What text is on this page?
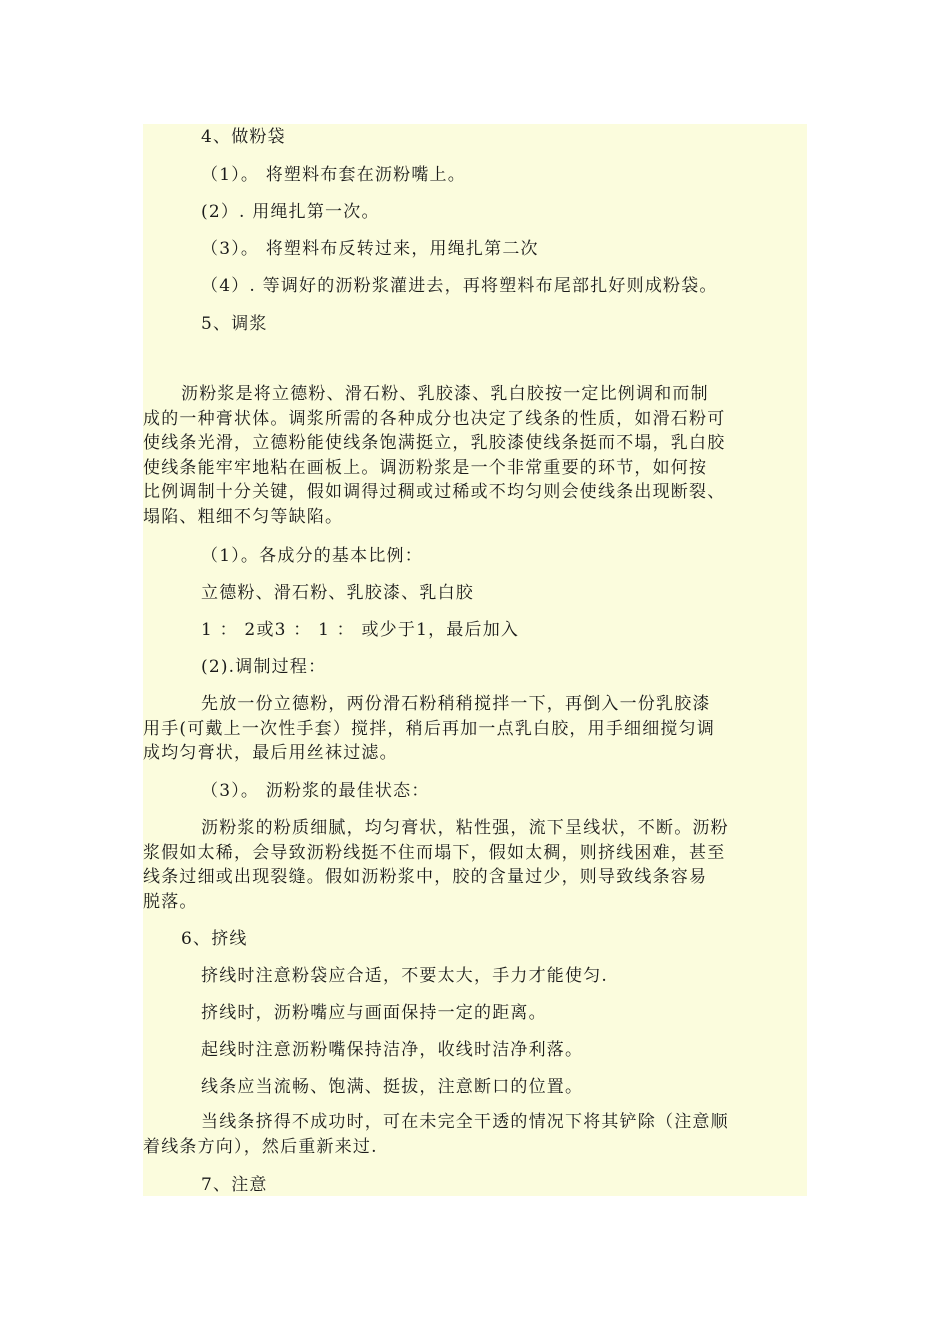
4、做粉袋
（1）。 将塑料布套在沥粉嘴上。
(2）. 用绳扎第一次。
（3）。 将塑料布反转过来，用绳扎第二次
（4）. 等调好的沥粉浆灌进去，再将塑料布尾部扎好则成粉袋。
5、调浆
沥粉浆是将立德粉、滑石粉、乳胶漆、乳白胶按一定比例调和而制
成的一种膏状体。调浆所需的各种成分也决定了线条的性质，如滑石粉可
使线条光滑，立德粉能使线条饱满挺立，乳胶漆使线条挺而不塌，乳白胶
使线条能牢牢地粘在画板上。调沥粉浆是一个非常重要的环节，如何按
比例调制十分关键，假如调得过稠或过稀或不均匀则会使线条出现断裂、
塌陷、粗细不匀等缺陷。
（1）。各成分的基本比例：
立德粉、滑石粉、乳胶漆、乳白胶
1 ： 2或3 ： 1 ： 或少于1，最后加入
(2).调制过程：
先放一份立德粉，两份滑石粉稍稍搅拌一下，再倒入一份乳胶漆
用手(可戴上一次性手套）搅拌，稍后再加一点乳白胶，用手细细搅匀调
成均匀膏状，最后用丝袜过滤。
（3）。 沥粉浆的最佳状态：
沥粉浆的粉质细腻，均匀膏状，粘性强，流下呈线状，不断。沥粉
浆假如太稀，会导致沥粉线挺不住而塌下，假如太稠，则挤线困难，甚至
线条过细或出现裂缝。假如沥粉浆中，胶的含量过少，则导致线条容易
脱落。
6、挤线
挤线时注意粉袋应合适，不要太大，手力才能使匀.
挤线时，沥粉嘴应与画面保持一定的距离。
起线时注意沥粉嘴保持洁净，收线时洁净利落。
线条应当流畅、饱满、挺拔，注意断口的位置。
当线条挤得不成功时，可在未完全干透的情况下将其铲除（注意顺
着线条方向），然后重新来过.
7、注意
